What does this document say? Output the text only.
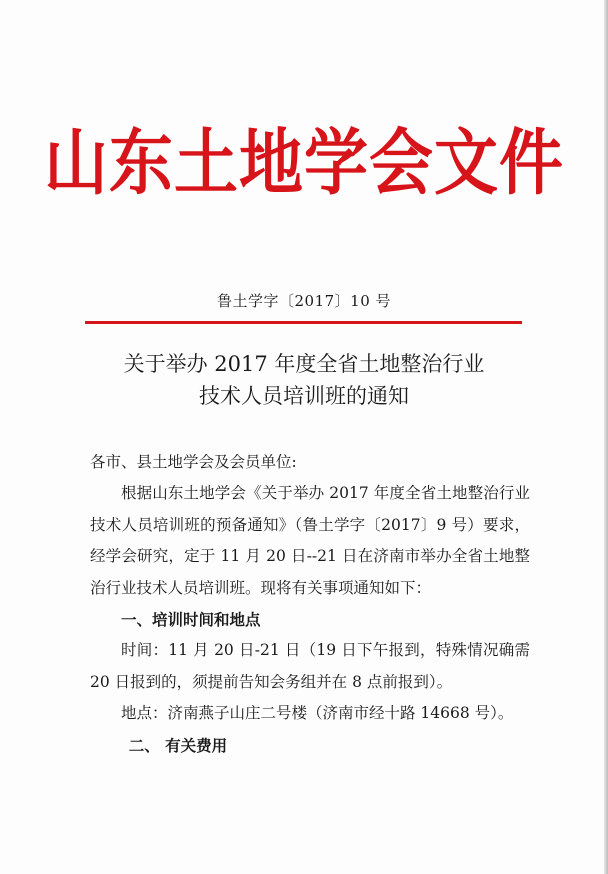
山东土地学会文件
鲁土学字〔2017〕10 号
关于举办 2017 年度全省土地整治行业
技术人员培训班的通知

各市、县土地学会及会员单位:

根据山东土地学会《关于举办 2017 年度全省土地整治行业技术人员培训班的预备通知》（鲁土学字〔2017〕9 号）要求，经学会研究，定于 11 月 20 日--21 日在济南市举办全省土地整治行业技术人员培训班。现将有关事项通知如下：

一、培训时间和地点

时间：11 月 20 日-21 日（19 日下午报到，特殊情况确需 20 日报到的，须提前告知会务组并在 8 点前报到）。

地点：济南燕子山庄二号楼（济南市经十路 14668 号）。

二、 有关费用
